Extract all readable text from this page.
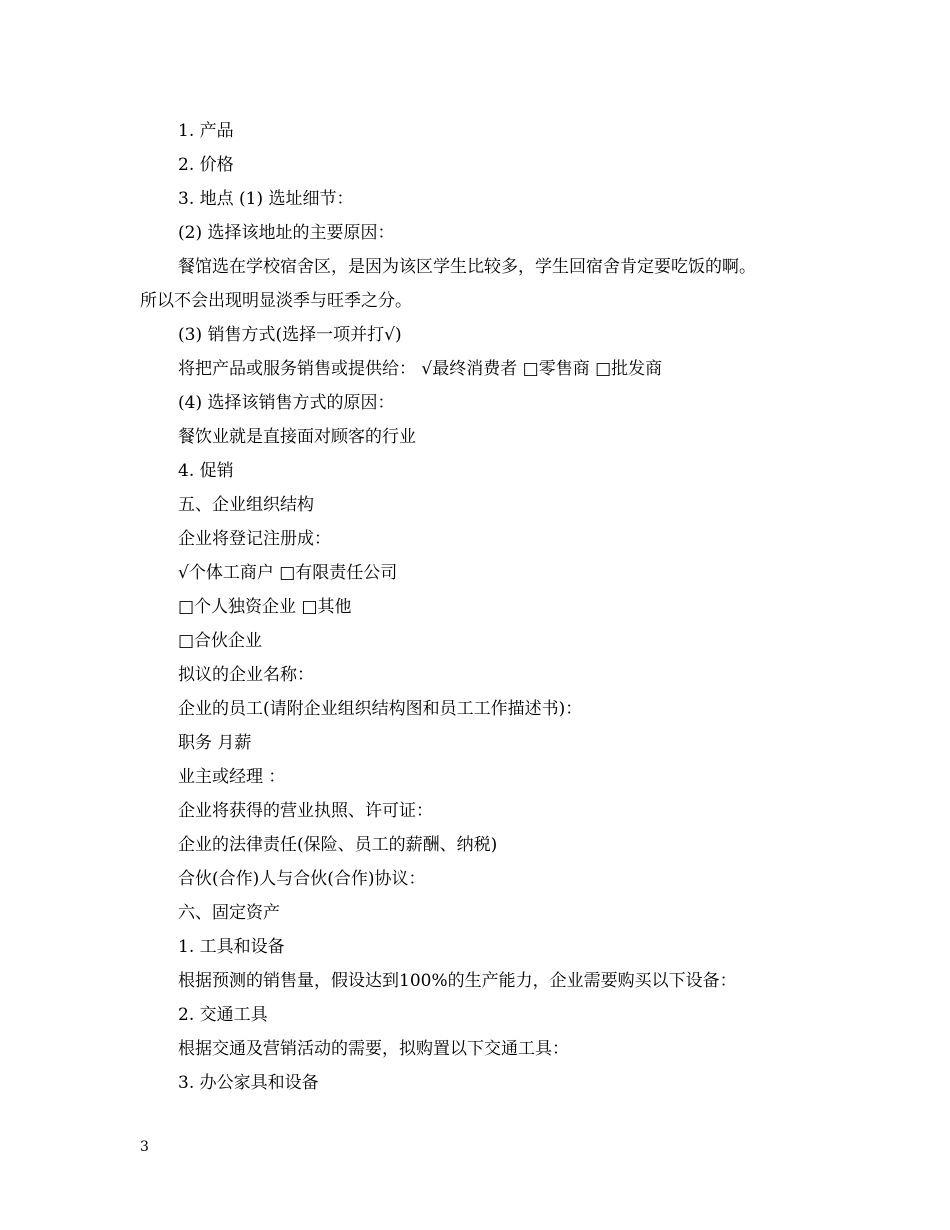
1. 产品
2. 价格
3. 地点 (1) 选址细节：
(2) 选择该地址的主要原因：
餐馆选在学校宿舍区，是因为该区学生比较多，学生回宿舍肯定要吃饭的啊。
所以不会出现明显淡季与旺季之分。
(3) 销售方式(选择一项并打√)
将把产品或服务销售或提供给： √最终消费者 □零售商 □批发商
(4) 选择该销售方式的原因：
餐饮业就是直接面对顾客的行业
4. 促销
五、企业组织结构
企业将登记注册成：
√个体工商户 □有限责任公司
□个人独资企业 □其他
□合伙企业
拟议的企业名称：
企业的员工(请附企业组织结构图和员工工作描述书)：
职务 月薪
业主或经理 ：
企业将获得的营业执照、许可证：
企业的法律责任(保险、员工的薪酬、纳税)
合伙(合作)人与合伙(合作)协议：
六、固定资产
1. 工具和设备
根据预测的销售量，假设达到100%的生产能力，企业需要购买以下设备：
2. 交通工具
根据交通及营销活动的需要，拟购置以下交通工具：
3. 办公家具和设备
3
